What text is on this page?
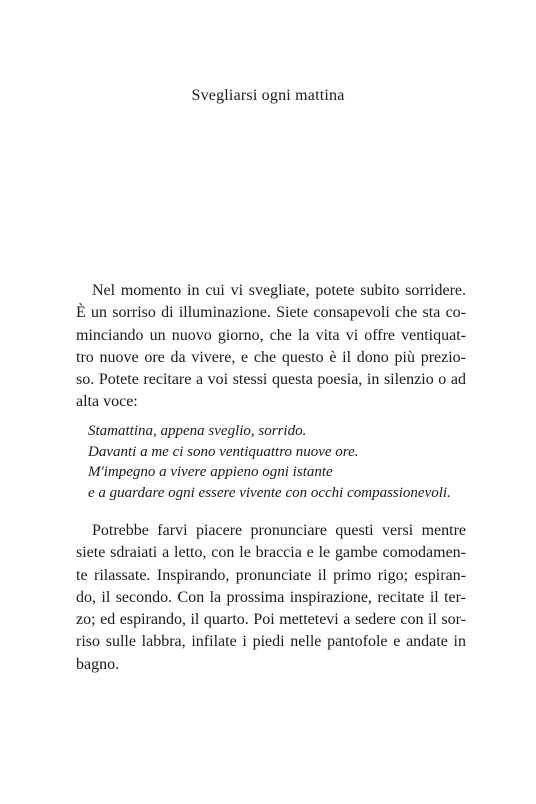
Svegliarsi ogni mattina
Nel momento in cui vi svegliate, potete subito sorridere.
È un sorriso di illuminazione. Siete consapevoli che sta co-
minciando un nuovo giorno, che la vita vi offre ventiquat-
tro nuove ore da vivere, e che questo è il dono più prezio-
so. Potete recitare a voi stessi questa poesia, in silenzio o ad
alta voce:
Stamattina, appena sveglio, sorrido.
Davanti a me ci sono ventiquattro nuove ore.
M'impegno a vivere appieno ogni istante
e a guardare ogni essere vivente con occhi compassionevoli.
Potrebbe farvi piacere pronunciare questi versi mentre
siete sdraiati a letto, con le braccia e le gambe comodamen-
te rilassate. Inspirando, pronunciate il primo rigo; espiran-
do, il secondo. Con la prossima inspirazione, recitate il ter-
zo; ed espirando, il quarto. Poi mettetevi a sedere con il sor-
riso sulle labbra, infilate i piedi nelle pantofole e andate in
bagno.
